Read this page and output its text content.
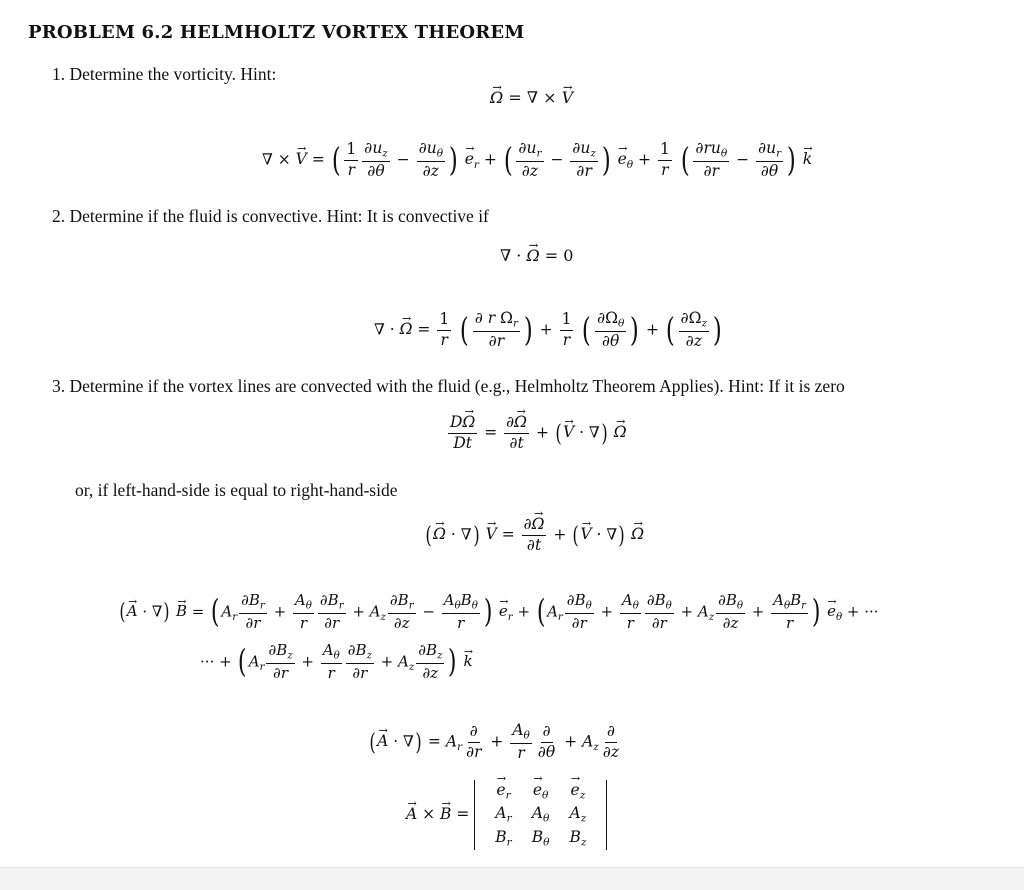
PROBLEM 6.2 HELMHOLTZ VORTEX THEOREM
1. Determine the vorticity. Hint:
→ Ω = ∇ × → V
∇ × → V = ( $\frac{1}{r} \frac{\partial u_z}{\partial\theta} - \frac{\partial u_\theta}{\partial z}$ ) → $e_r$ + ( $\frac{\partial u_r}{\partial z} - \frac{\partial u_z}{\partial r}$ ) → $e_\theta + \frac{1}{r}$ ( $\frac{\partial ru_\theta}{\partial r} - \frac{\partial u_r}{\partial\theta}$ ) → k
2. Determine if the fluid is convective. Hint: It is convective if
∇ · → Ω = 0
∇ · → $\Omega = \frac{1}{r}$ ( $\frac{\partial r \Omega_r}{\partial r}$ ) + $\frac{1}{r}$ ( $\frac{\partial\Omega_\theta}{\partial\theta}$ ) + ( $\frac{\partial\Omega_z}{\partial z}$ )
3. Determine if the vortex lines are convected with the fluid (e.g., Helmholtz Theorem Applies). Hint: If it is zero
$\frac{D\to \Omega}{Dt} = \frac{\partial\to \Omega}{\partial t}$ + (→ V · ∇) → Ω
or, if left-hand-side is equal to right-hand-side
(→ Ω · ∇) → $V = \frac{\partial\to \Omega}{\partial t}$ + (→ V · ∇) → Ω
(→ A · ∇) → B = ( $A_r \frac{\partial B_r}{\partial r} + \frac{A_\theta}{r} \frac{\partial B_r}{\partial r} + A_z \frac{\partial B_r}{\partial z} - \frac{A_\theta B_\theta}{r}$ ) → $e_r$ + ( $A_r \frac{\partial B_\theta}{\partial r} + \frac{A_\theta}{r} \frac{\partial B_\theta}{\partial r} + A_z \frac{\partial B_\theta}{\partial z} + \frac{A_\theta B_r}{r}$ ) → $e_\theta$ + ···
··· + ( $A_r \frac{\partial B_z}{\partial r} + \frac{A_\theta}{r} \frac{\partial B_z}{\partial r} + A_z \frac{\partial B_z}{\partial z}$ ) → k
(→ A · ∇) = $A_r \frac{\partial}{\partial r} + \frac{A_\theta}{r} \frac{\partial}{\partial\theta} + A_z \frac{\partial}{\partial z}$
→ A × → B =
→ $e_r$	→ $e_\theta$	→ $e_z$
$A_r$	$A_\theta$	$A_z$
$B_r$	$B_\theta$	$B_z$
